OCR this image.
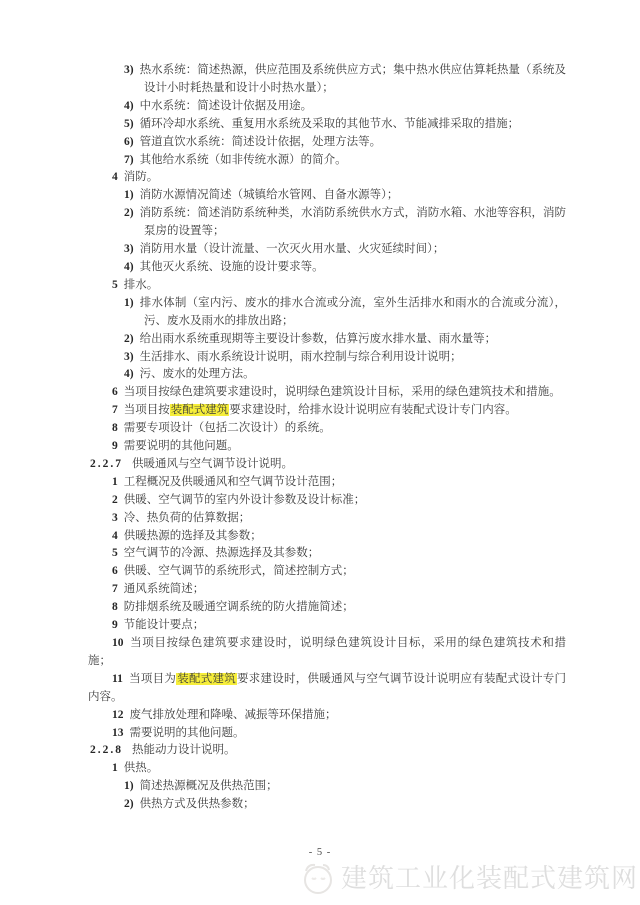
3) 热水系统：简述热源，供应范围及系统供应方式；集中热水供应估算耗热量（系统及设计小时耗热量和设计小时热水量）；

4) 中水系统：简述设计依据及用途。

5) 循环冷却水系统、重复用水系统及采取的其他节水、节能减排采取的措施；

6) 管道直饮水系统：简述设计依据，处理方法等。

7) 其他给水系统（如非传统水源）的简介。

4 消防。

1) 消防水源情况简述（城镇给水管网、自备水源等）；

2) 消防系统：简述消防系统种类，水消防系统供水方式，消防水箱、水池等容积，消防泵房的设置等；

3) 消防用水量（设计流量、一次灭火用水量、火灾延续时间）；

4) 其他灭火系统、设施的设计要求等。

5 排水。

1) 排水体制（室内污、废水的排水合流或分流，室外生活排水和雨水的合流或分流），污、废水及雨水的排放出路；

2) 给出雨水系统重现期等主要设计参数，估算污废水排水量、雨水量等；

3) 生活排水、雨水系统设计说明，雨水控制与综合利用设计说明；

4) 污、废水的处理方法。

6 当项目按绿色建筑要求建设时，说明绿色建筑设计目标，采用的绿色建筑技术和措施。

7 当项目按装配式建筑要求建设时，给排水设计说明应有装配式设计专门内容。

8 需要专项设计（包括二次设计）的系统。

9 需要说明的其他问题。

2.2.7 供暖通风与空气调节设计说明。

1 工程概况及供暖通风和空气调节设计范围；

2 供暖、空气调节的室内外设计参数及设计标准；

3 冷、热负荷的估算数据；

4 供暖热源的选择及其参数；

5 空气调节的冷源、热源选择及其参数；

6 供暖、空气调节的系统形式，简述控制方式；

7 通风系统简述；

8 防排烟系统及暖通空调系统的防火措施简述；

9 节能设计要点；

10 当项目按绿色建筑要求建设时，说明绿色建筑设计目标，采用的绿色建筑技术和措施；

11 当项目为装配式建筑要求建设时，供暖通风与空气调节设计说明应有装配式设计专门内容。

12 废气排放处理和降噪、减振等环保措施；

13 需要说明的其他问题。

2.2.8 热能动力设计说明。

1 供热。

1) 简述热源概况及供热范围；

2) 供热方式及供热参数；

- 5 -
建筑工业化装配式建筑网
